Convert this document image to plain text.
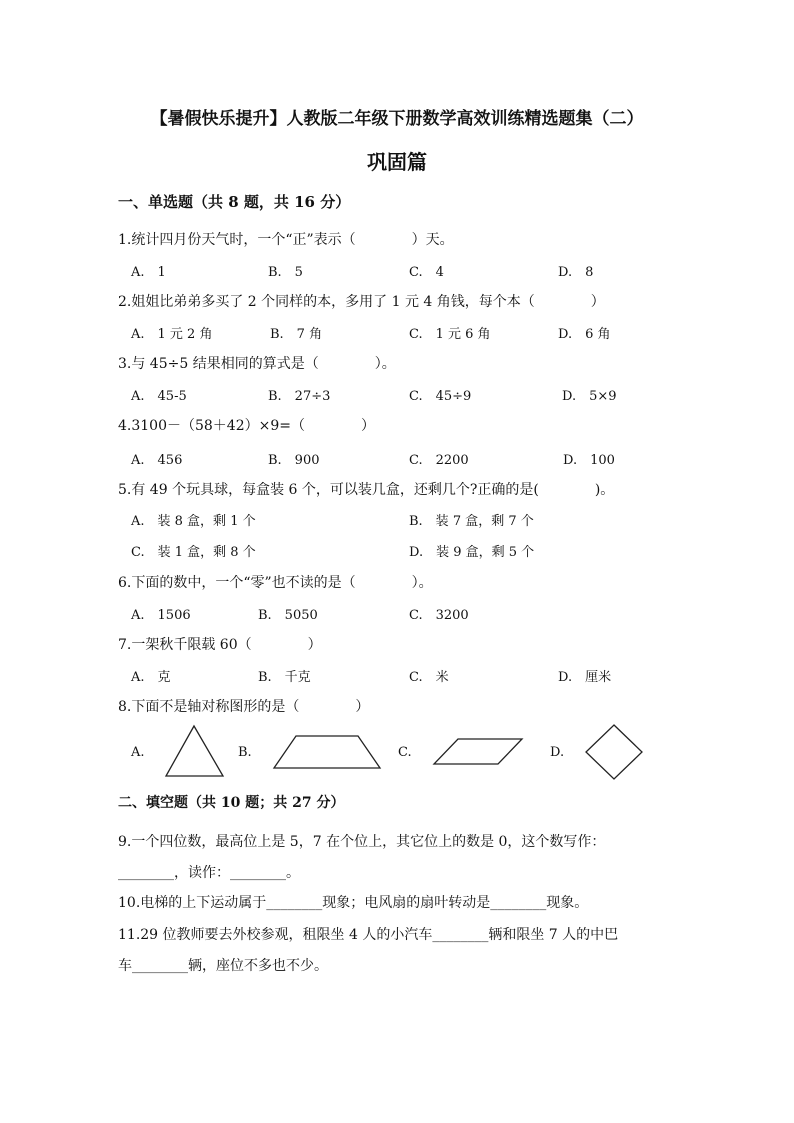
【暑假快乐提升】人教版二年级下册数学高效训练精选题集（二）
巩固篇
一、单选题（共 8 题，共 16 分）
1.统计四月份天气时，一个“正”表示（　　　　）天。
A.　1	B.　5	C.　4	D.　8
2.姐姐比弟弟多买了 2 个同样的本，多用了 1 元 4 角钱，每个本（　　　　）
A.　1 元 2 角	B.　7 角	C.　1 元 6 角	D.　6 角
3.与 45÷5 结果相同的算式是（　　　　）。
A.　45-5	B.　27÷3	C.　45÷9	D.　5×9
4.3100－（58＋42）×9=（　　　　）
A.　456	B.　900	C.　2200	D.　100
5.有 49 个玩具球，每盒装 6 个，可以装几盒，还剩几个?正确的是(　　　　)。
A.　装 8 盒，剩 1 个	B.　装 7 盒，剩 7 个
C.　装 1 盒，剩 8 个	D.　装 9 盒，剩 5 个
6.下面的数中，一个“零”也不读的是（　　　　）。
A.　1506	B.　5050	C.　3200
7.一架秋千限载 60（　　　　）
A.　克	B.　千克	C.　米	D.　厘米
8.下面不是轴对称图形的是（　　　　）
A.	B.	C.	D.
二、填空题（共 10 题；共 27 分）
9.一个四位数，最高位上是 5，7 在个位上，其它位上的数是 0，这个数写作：
________，读作：________。
10.电梯的上下运动属于________现象；电风扇的扇叶转动是________现象。
11.29 位教师要去外校参观，租限坐 4 人的小汽车________辆和限坐 7 人的中巴
车________辆，座位不多也不少。
